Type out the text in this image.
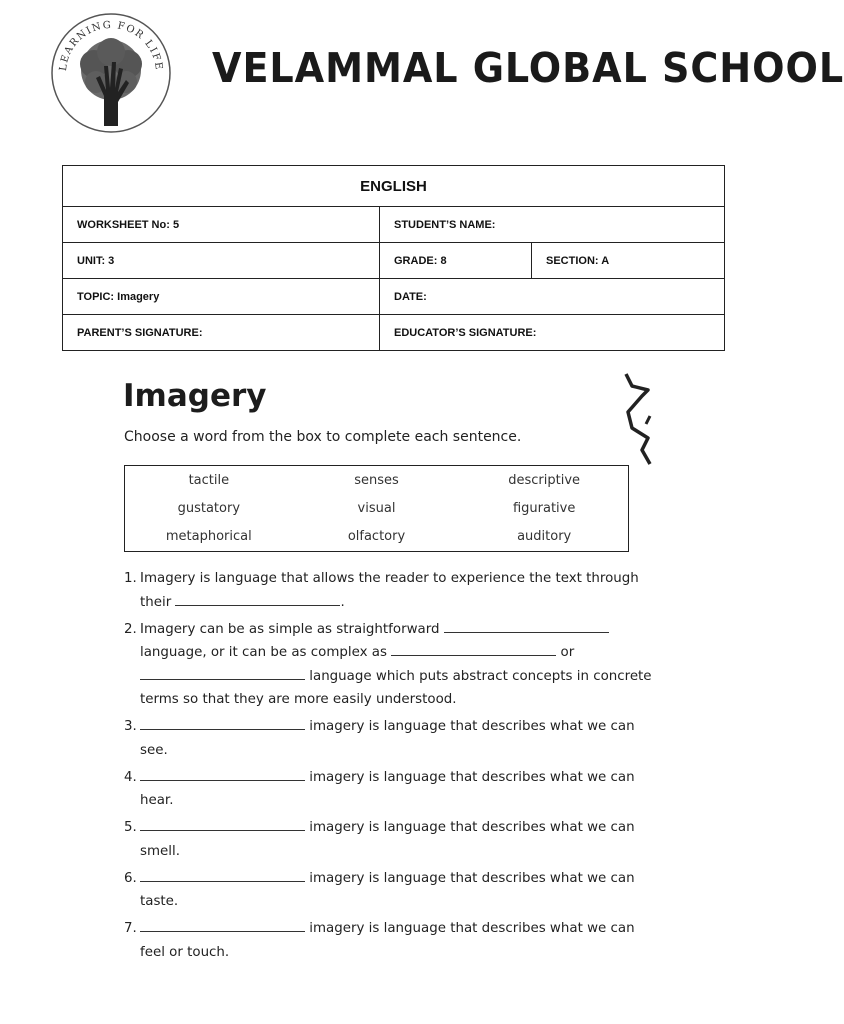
LEARNING FOR LIFE VELAMMAL GLOBAL SCHOOL
ENGLISH		
WORKSHEET No: 5	STUDENT’S NAME:	
UNIT: 3	GRADE: 8	SECTION: A
TOPIC: Imagery	DATE:	
PARENT’S SIGNATURE:	EDUCATOR’S SIGNATURE:	
Imagery
Choose a word from the box to complete each sentence.
tactile	senses	descriptive
gustatory	visual	figurative
metaphorical	olfactory	auditory
1. Imagery is language that allows the reader to experience the text through their	.
2. Imagery can be as simple as straightforward  language, or it can be as complex as	or  language which puts abstract concepts in concrete terms so that they are more easily understood.
3.	imagery is language that describes what we can see.
4.	imagery is language that describes what we can hear.
5.	imagery is language that describes what we can smell.
6.	imagery is language that describes what we can taste.
7.	imagery is language that describes what we can feel or touch.
